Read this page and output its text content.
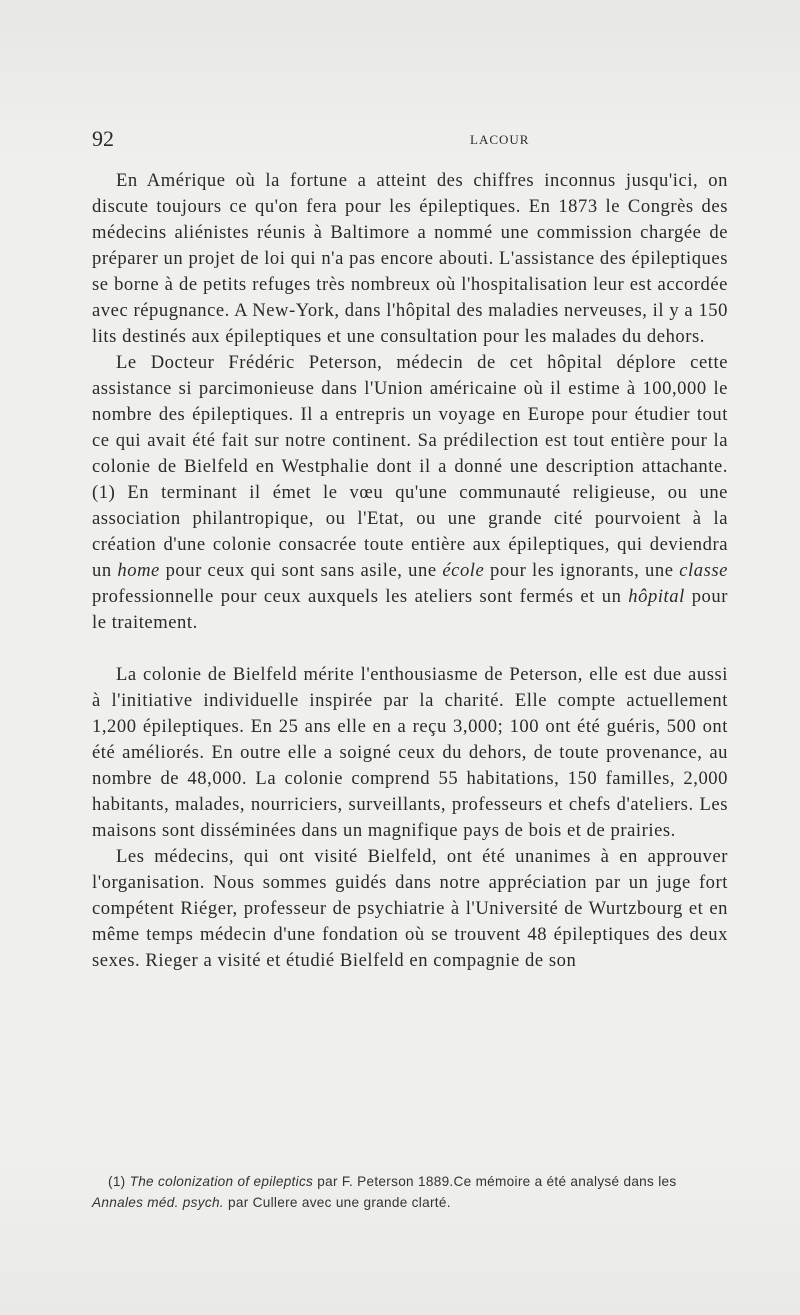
92	LACOUR

En Amérique où la fortune a atteint des chiffres inconnus jusqu'ici, on discute toujours ce qu'on fera pour les épileptiques. En 1873 le Congrès des médecins aliénistes réunis à Baltimore a nommé une commission chargée de préparer un projet de loi qui n'a pas encore abouti. L'assistance des épileptiques se borne à de petits refuges très nombreux où l'hospitalisation leur est accordée avec répugnance. A New-York, dans l'hôpital des maladies nerveuses, il y a 150 lits destinés aux épileptiques et une consultation pour les malades du dehors.

Le Docteur Frédéric Peterson, médecin de cet hôpital déplore cette assistance si parcimonieuse dans l'Union américaine où il estime à 100,000 le nombre des épileptiques. Il a entrepris un voyage en Europe pour étudier tout ce qui avait été fait sur notre continent. Sa prédilection est tout entière pour la colonie de Bielfeld en Westphalie dont il a donné une description attachante. (1) En terminant il émet le vœu qu'une communauté religieuse, ou une association philantropique, ou l'Etat, ou une grande cité pourvoient à la création d'une colonie consacrée toute entière aux épileptiques, qui deviendra un home pour ceux qui sont sans asile, une école pour les ignorants, une classe professionnelle pour ceux auxquels les ateliers sont fermés et un hôpital pour le traitement.

La colonie de Bielfeld mérite l'enthousiasme de Peterson, elle est due aussi à l'initiative individuelle inspirée par la charité. Elle compte actuellement 1,200 épileptiques. En 25 ans elle en a reçu 3,000; 100 ont été guéris, 500 ont été améliorés. En outre elle a soigné ceux du dehors, de toute provenance, au nombre de 48,000. La colonie comprend 55 habitations, 150 familles, 2,000 habitants, malades, nourriciers, surveillants, professeurs et chefs d'ateliers. Les maisons sont disséminées dans un magnifique pays de bois et de prairies.

Les médecins, qui ont visité Bielfeld, ont été unanimes à en approuver l'organisation. Nous sommes guidés dans notre appréciation par un juge fort compétent Riéger, professeur de psychiatrie à l'Université de Wurtzbourg et en même temps médecin d'une fondation où se trouvent 48 épileptiques des deux sexes. Rieger a visité et étudié Bielfeld en compagnie de son

(1) The colonization of epileptics par F. Peterson 1889.Ce mémoire a été analysé dans les Annales méd. psych. par Cullere avec une grande clarté.
